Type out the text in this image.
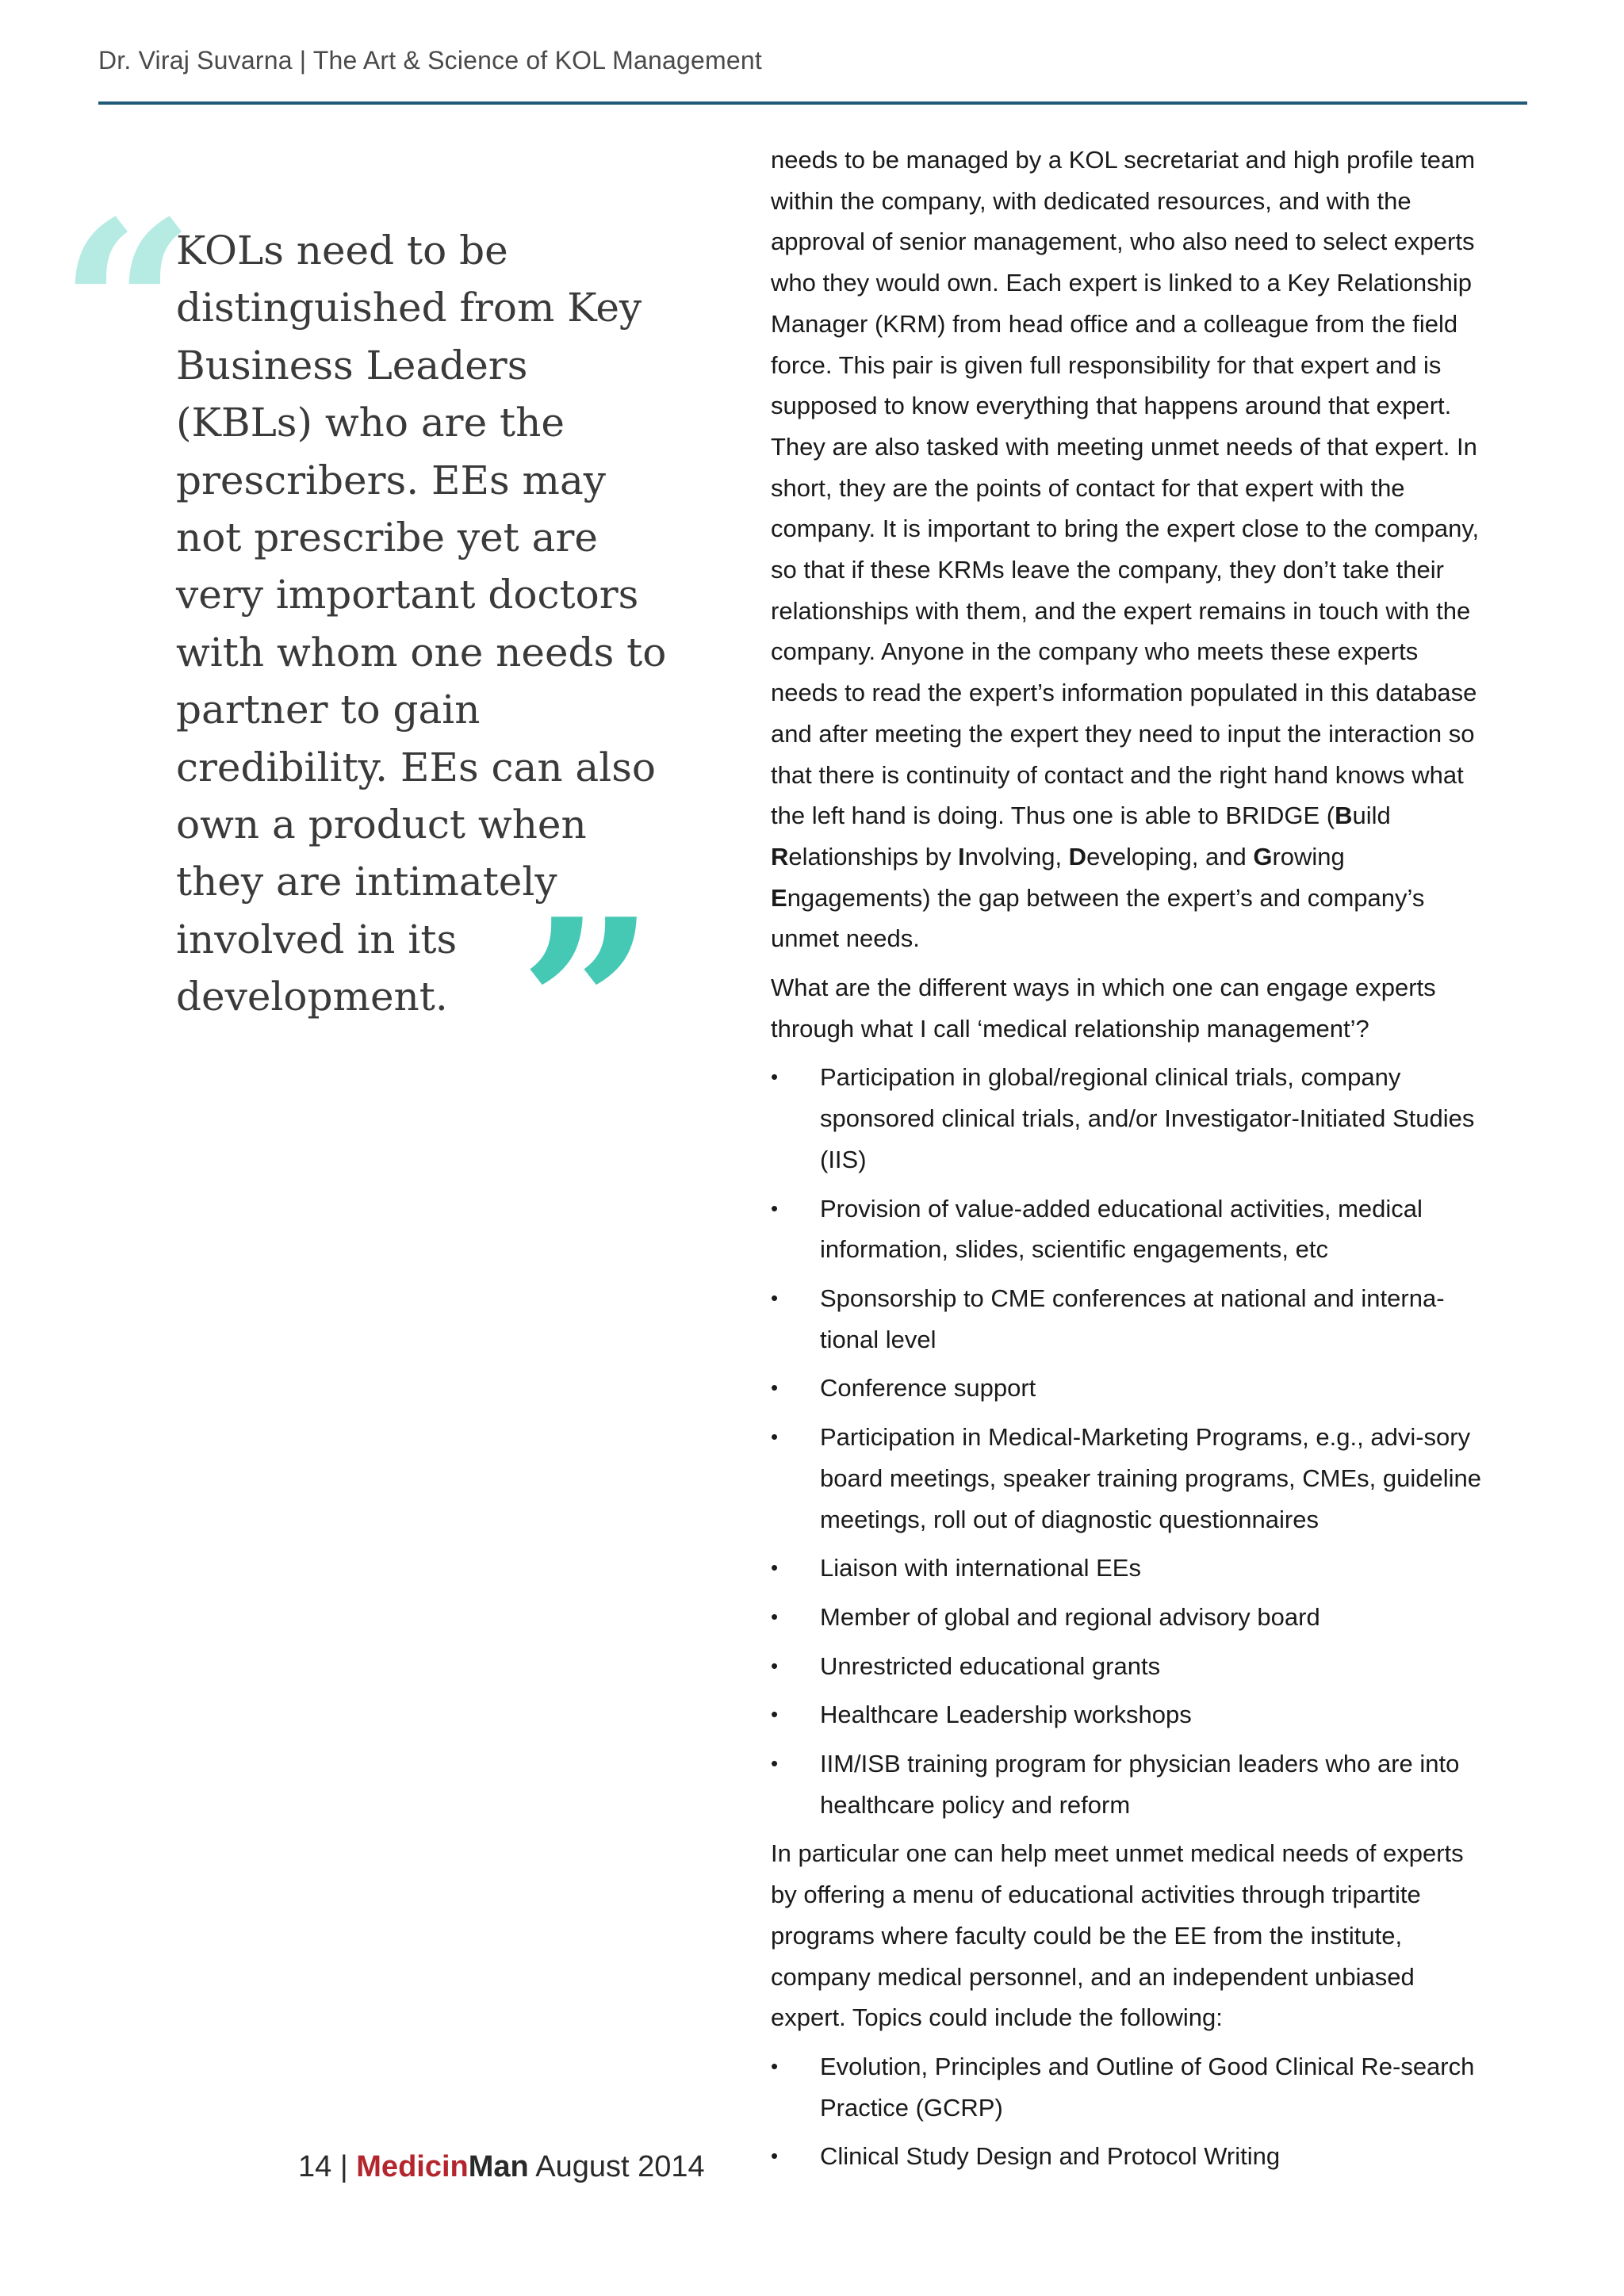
Dr. Viraj Suvarna | The Art & Science of KOL Management
“

KOLs need to be distinguished from Key Business Leaders (KBLs) who are the prescribers. EEs may not prescribe yet are very important doctors with whom one needs to partner to gain credibility. EEs can also own a product when they are intimately involved in its development. ”

needs to be managed by a KOL secretariat and high profile team within the company, with dedicated resources, and with the approval of senior management, who also need to select experts who they would own. Each expert is linked to a Key Relationship Manager (KRM) from head office and a colleague from the field force. This pair is given full responsibility for that expert and is supposed to know everything that happens around that expert. They are also tasked with meeting unmet needs of that expert. In short, they are the points of contact for that expert with the company. It is important to bring the expert close to the company, so that if these KRMs leave the company, they don’t take their relationships with them, and the expert remains in touch with the company. Anyone in the company who meets these experts needs to read the expert’s information populated in this database and after meeting the expert they need to input the interaction so that there is continuity of contact and the right hand knows what the left hand is doing. Thus one is able to BRIDGE (Build Relationships by Involving, Developing, and Growing Engagements) the gap between the expert’s and company’s unmet needs.

What are the different ways in which one can engage experts through what I call ‘medical relationship management’?

• Participation in global/regional clinical trials, company sponsored clinical trials, and/or Investigator-Initiated Studies (IIS)
• Provision of value-added educational activities, medical information, slides, scientific engagements, etc
• Sponsorship to CME conferences at national and interna-tional level
• Conference support
• Participation in Medical-Marketing Programs, e.g., advi-sory board meetings, speaker training programs, CMEs, guideline meetings, roll out of diagnostic questionnaires
• Liaison with international EEs
• Member of global and regional advisory board
• Unrestricted educational grants
• Healthcare Leadership workshops
• IIM/ISB training program for physician leaders who are into healthcare policy and reform

In particular one can help meet unmet medical needs of experts by offering a menu of educational activities through tripartite programs where faculty could be the EE from the institute, company medical personnel, and an independent unbiased expert. Topics could include the following:

• Evolution, Principles and Outline of Good Clinical Re-search Practice (GCRP)
• Clinical Study Design and Protocol Writing
14 | MedicinMan August 2014
